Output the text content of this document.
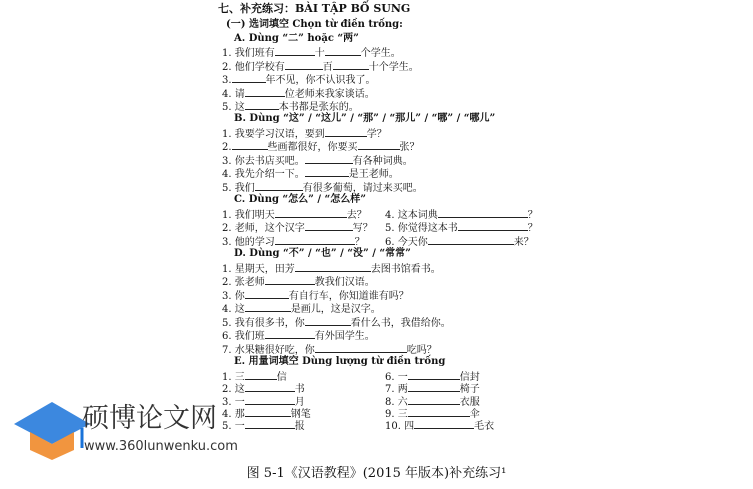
七、补充练习：BÀI TẬP BỔ SUNG
(一) 选词填空 Chọn từ điền trống:
A. Dùng “二” hoặc “两”
1. 我们班有	十	个学生。
2. 他们学校有	百	十个学生。
3.	年不见，你不认识我了。
4. 请	位老师来我家谈话。
5. 这	本书都是张东的。
B. Dùng “这” / “这儿” / “那” / “那儿” / “哪” / “哪儿”
1. 我要学习汉语，要到	学？
2.	些画都很好，你要买	张？
3. 你去书店买吧。	有各种词典。
4. 我先介绍一下。	是王老师。
5. 我们	有很多葡萄，请过来买吧。
C. Dùng “怎么” / “怎么样”
1. 我们明天	去？
2. 老师，这个汉字	写？
3. 他的学习	？
4. 这本词典	？
5. 你觉得这本书	？
6. 今天你	来？
D. Dùng “不” / “也” / “没” / “常常”
1. 星期天，田芳	去图书馆看书。
2. 张老师	教我们汉语。
3. 你	有自行车，你知道谁有吗？
4. 这	是画儿，这是汉字。
5. 我有很多书，你	看什么书，我借给你。
6. 我们班	有外国学生。
7. 水果糖很好吃，你	吃吗？
E. 用量词填空 Dùng lượng từ điền trống
1. 三	信
2. 这	书
3. 一	月
4. 那	钢笔
5. 一	报
6. 一	信封
7. 两	椅子
8. 六	衣服
9. 三	伞
10. 四	毛衣
硕博论文网
www.360lunwenku.com
图 5-1《汉语教程》(2015 年版本)补充练习¹
